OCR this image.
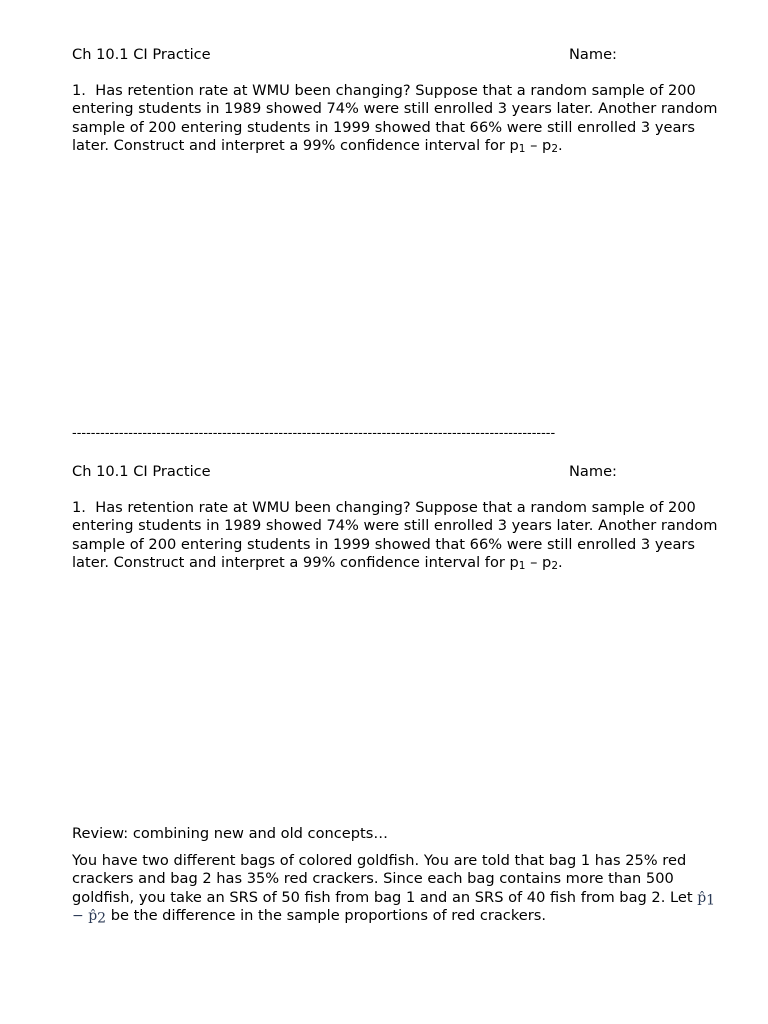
Ch 10.1 CI Practice	Name:

1. Has retention rate at WMU been changing? Suppose that a random sample of 200 entering students in 1989 showed 74% were still enrolled 3 years later. Another random sample of 200 entering students in 1999 showed that 66% were still enrolled 3 years later. Construct and interpret a 99% confidence interval for p1 – p2.

-------------------------------------------------------------------------------------------------------
Ch 10.1 CI Practice	Name:

1. Has retention rate at WMU been changing? Suppose that a random sample of 200 entering students in 1989 showed 74% were still enrolled 3 years later. Another random sample of 200 entering students in 1999 showed that 66% were still enrolled 3 years later. Construct and interpret a 99% confidence interval for p1 – p2.

Review: combining new and old concepts…

You have two different bags of colored goldfish. You are told that bag 1 has 25% red crackers and bag 2 has 35% red crackers. Since each bag contains more than 500 goldfish, you take an SRS of 50 fish from bag 1 and an SRS of 40 fish from bag 2. Let p̂1 − p̂2 be the difference in the sample proportions of red crackers.
